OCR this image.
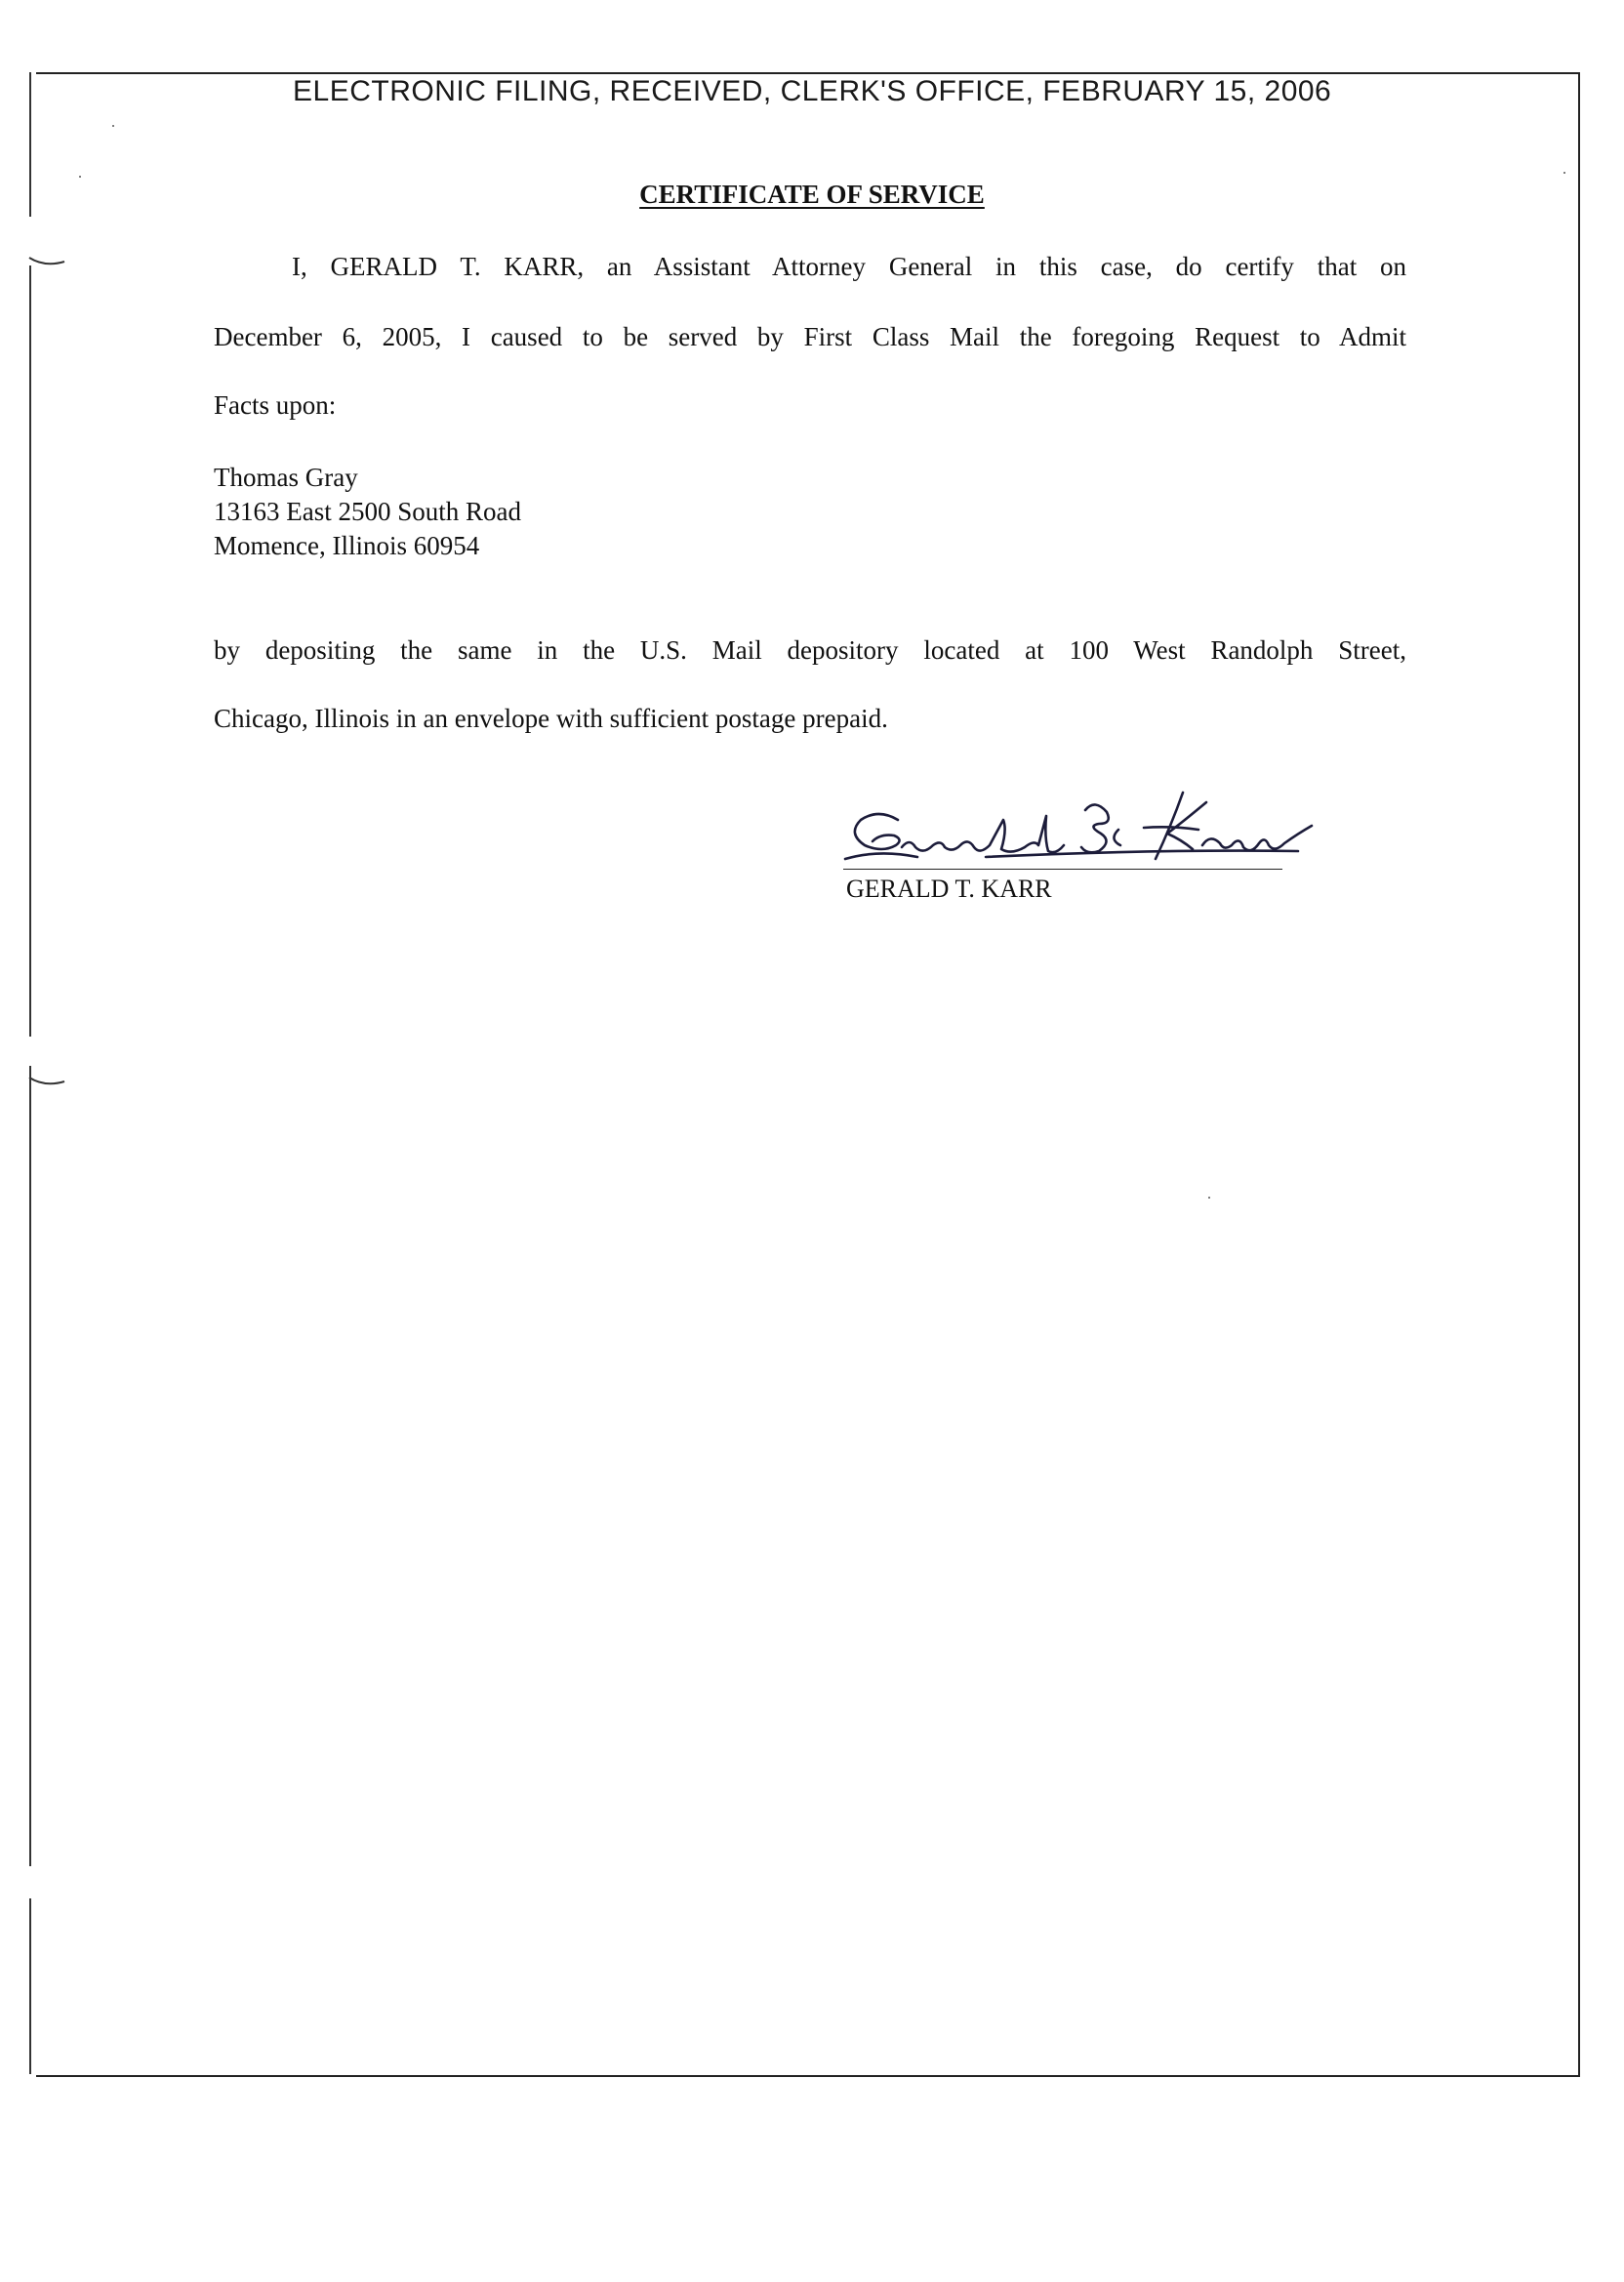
ELECTRONIC FILING, RECEIVED, CLERK'S OFFICE, FEBRUARY 15, 2006
CERTIFICATE OF SERVICE
I, GERALD T. KARR, an Assistant Attorney General in this case, do certify that on
December 6, 2005, I caused to be served by First Class Mail the foregoing Request to Admit
Facts upon:
Thomas Gray
13163 East 2500 South Road
Momence, Illinois 60954
by depositing the same in the U.S. Mail depository located at 100 West Randolph Street,
Chicago, Illinois in an envelope with sufficient postage prepaid.
GERALD T. KARR
